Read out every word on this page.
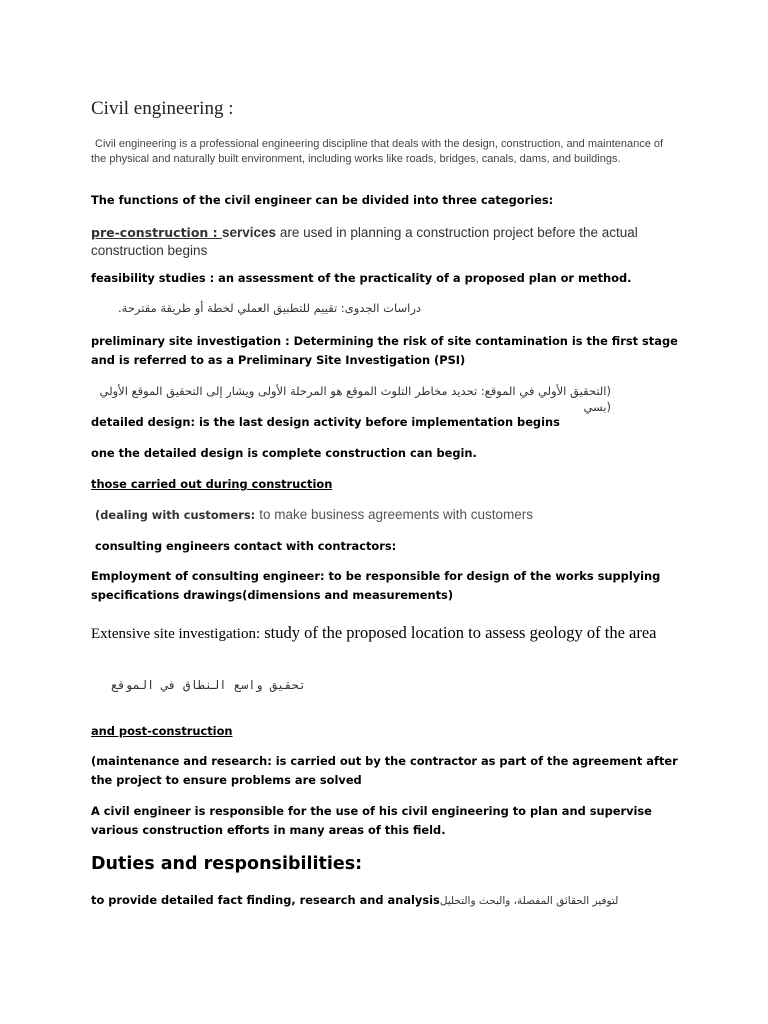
Civil engineering :

Civil engineering is a professional engineering discipline that deals with the design, construction, and maintenance of the physical and naturally built environment, including works like roads, bridges, canals, dams, and buildings.

The functions of the civil engineer can be divided into three categories:

pre-construction : services are used in planning a construction project before the actual construction begins

feasibility studies : an assessment of the practicality of a proposed plan or method.

دراسات الجدوى: تقييم للتطبيق العملي لخطة أو طريقة مقترحة.

preliminary site investigation : Determining the risk of site contamination is the first stage and is referred to as a Preliminary Site Investigation (PSI)

(التحقيق الأولي في الموقع: تحديد مخاطر التلوث الموقع هو المرحلة الأولى ويشار إلى التحقيق الموقع الأولي (بسي

detailed design: is the last design activity before implementation begins

one the detailed design is complete construction can begin.

those carried out during construction

(dealing with customers: to make business agreements with customers

consulting engineers contact with contractors:

Employment of consulting engineer: to be responsible for design of the works supplying specifications drawings(dimensions and measurements)

Extensive site investigation: study of the proposed location to assess geology of the area

تحقيق واسع النطاق في الموقع

and post-construction

(maintenance and research: is carried out by the contractor as part of the agreement after the project to ensure problems are solved

A civil engineer is responsible for the use of his civil engineering to plan and supervise various construction efforts in many areas of this field.

Duties and responsibilities:

to provide detailed fact finding, research and analysisلتوفير الحقائق المفصلة، والبحث والتحليل
